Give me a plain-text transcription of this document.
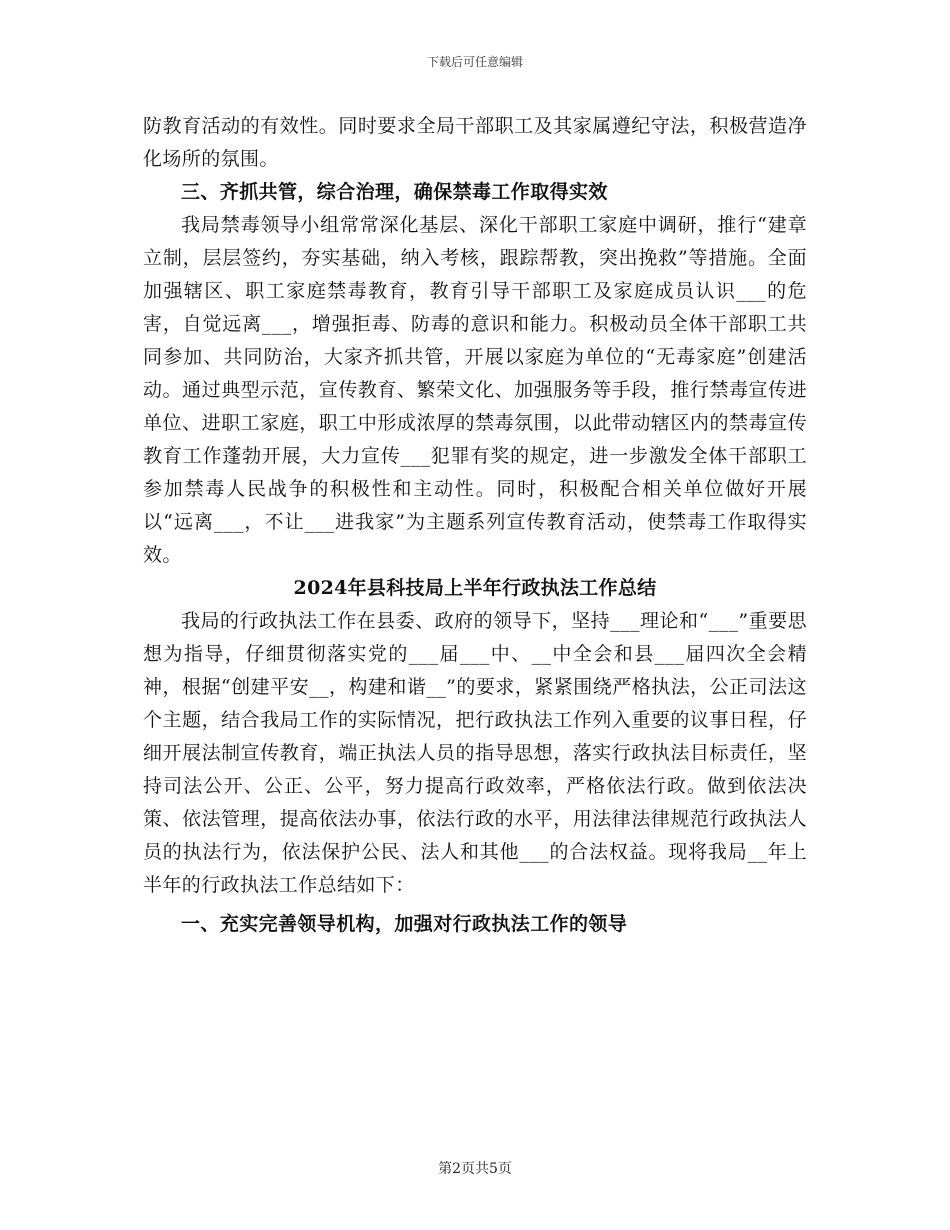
下载后可任意编辑

防教育活动的有效性。同时要求全局干部职工及其家属遵纪守法，积极营造净化场所的氛围。

三、齐抓共管，综合治理，确保禁毒工作取得实效

我局禁毒领导小组常常深化基层、深化干部职工家庭中调研，推行“建章立制，层层签约，夯实基础，纳入考核，跟踪帮教，突出挽救”等措施。全面加强辖区、职工家庭禁毒教育，教育引导干部职工及家庭成员认识___的危害，自觉远离___，增强拒毒、防毒的意识和能力。积极动员全体干部职工共同参加、共同防治，大家齐抓共管，开展以家庭为单位的“无毒家庭”创建活动。通过典型示范，宣传教育、繁荣文化、加强服务等手段，推行禁毒宣传进单位、进职工家庭，职工中形成浓厚的禁毒氛围，以此带动辖区内的禁毒宣传教育工作蓬勃开展，大力宣传___犯罪有奖的规定，进一步激发全体干部职工参加禁毒人民战争的积极性和主动性。同时，积极配合相关单位做好开展以“远离___，不让___进我家”为主题系列宣传教育活动，使禁毒工作取得实效。

2024年县科技局上半年行政执法工作总结

我局的行政执法工作在县委、政府的领导下，坚持___理论和“___”重要思想为指导，仔细贯彻落实党的___届___中、__中全会和县___届四次全会精神，根据“创建平安__，构建和谐__”的要求，紧紧围绕严格执法，公正司法这个主题，结合我局工作的实际情况，把行政执法工作列入重要的议事日程，仔细开展法制宣传教育，端正执法人员的指导思想，落实行政执法目标责任，坚持司法公开、公正、公平，努力提高行政效率，严格依法行政。做到依法决策、依法管理，提高依法办事，依法行政的水平，用法律法律规范行政执法人员的执法行为，依法保护公民、法人和其他___的合法权益。现将我局__年上半年的行政执法工作总结如下：

一、充实完善领导机构，加强对行政执法工作的领导

第2页共5页
